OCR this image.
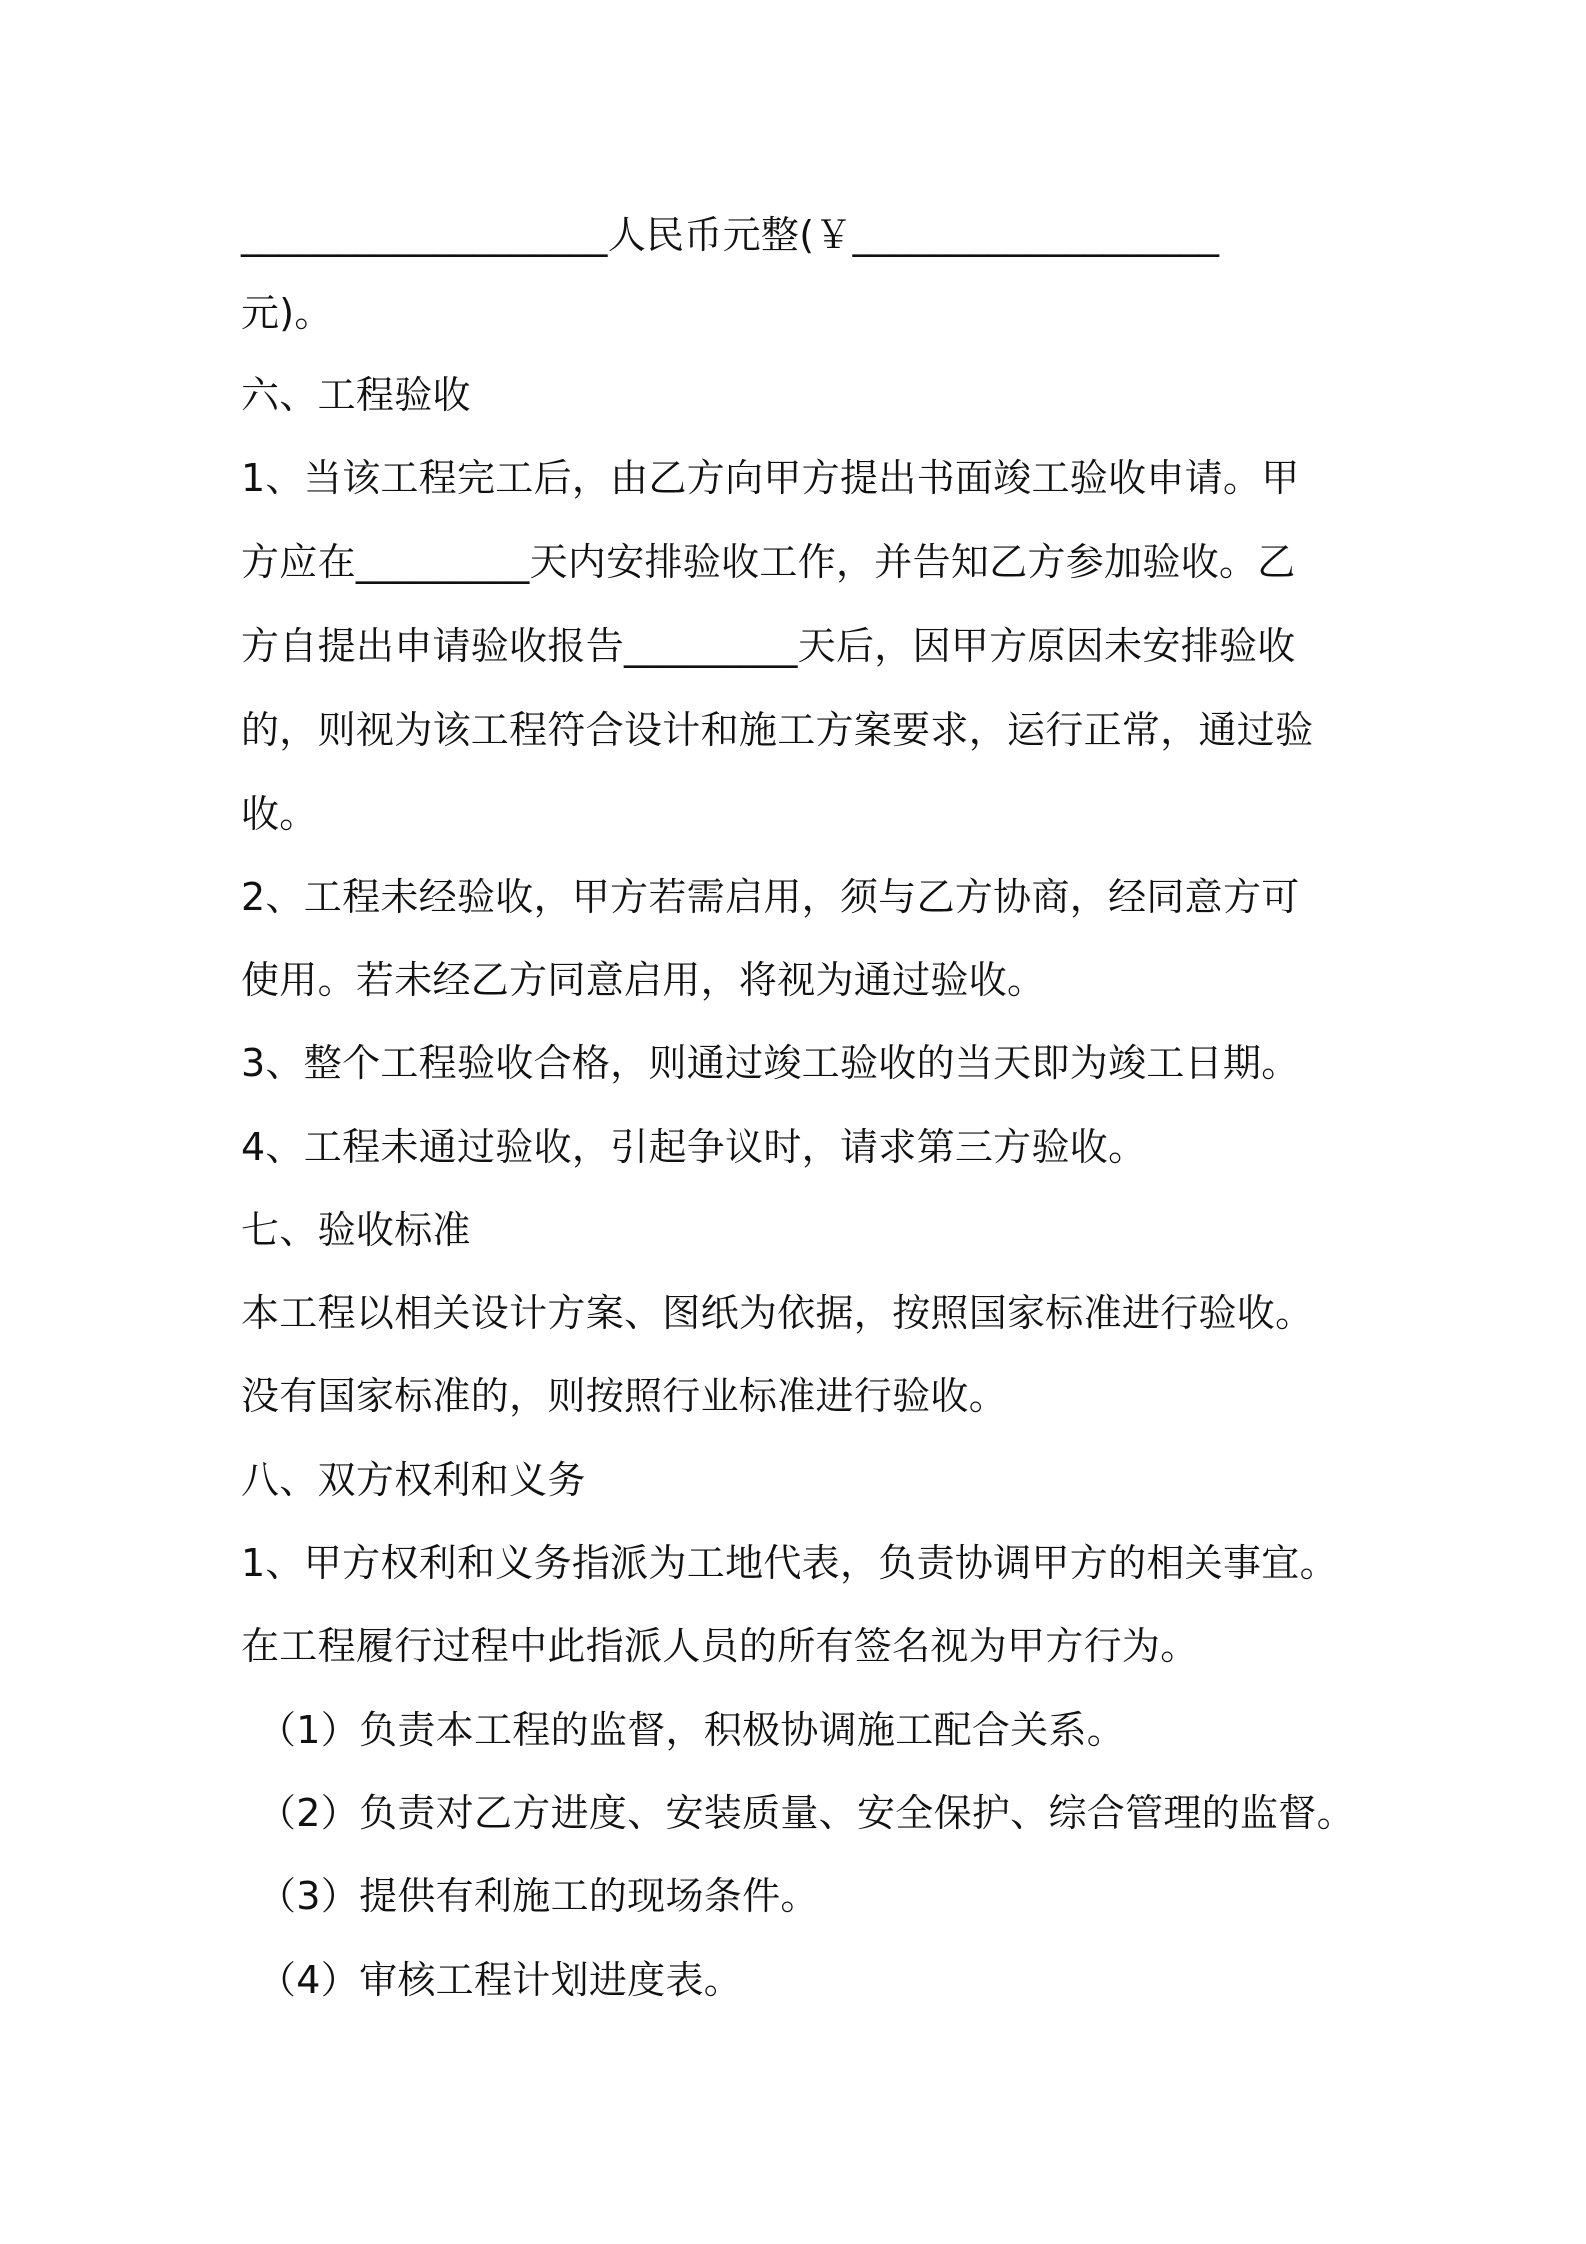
___________________人民币元整(￥___________________
元)。
六、工程验收
1、当该工程完工后，由乙方向甲方提出书面竣工验收申请。甲
方应在_________天内安排验收工作，并告知乙方参加验收。乙
方自提出申请验收报告_________天后，因甲方原因未安排验收
的，则视为该工程符合设计和施工方案要求，运行正常，通过验
收。
2、工程未经验收，甲方若需启用，须与乙方协商，经同意方可
使用。若未经乙方同意启用，将视为通过验收。
3、整个工程验收合格，则通过竣工验收的当天即为竣工日期。
4、工程未通过验收，引起争议时，请求第三方验收。
七、验收标准
本工程以相关设计方案、图纸为依据，按照国家标准进行验收。
没有国家标准的，则按照行业标准进行验收。
八、双方权利和义务
1、甲方权利和义务指派为工地代表，负责协调甲方的相关事宜。
在工程履行过程中此指派人员的所有签名视为甲方行为。
（1）负责本工程的监督，积极协调施工配合关系。
（2）负责对乙方进度、安装质量、安全保护、综合管理的监督。
（3）提供有利施工的现场条件。
（4）审核工程计划进度表。
